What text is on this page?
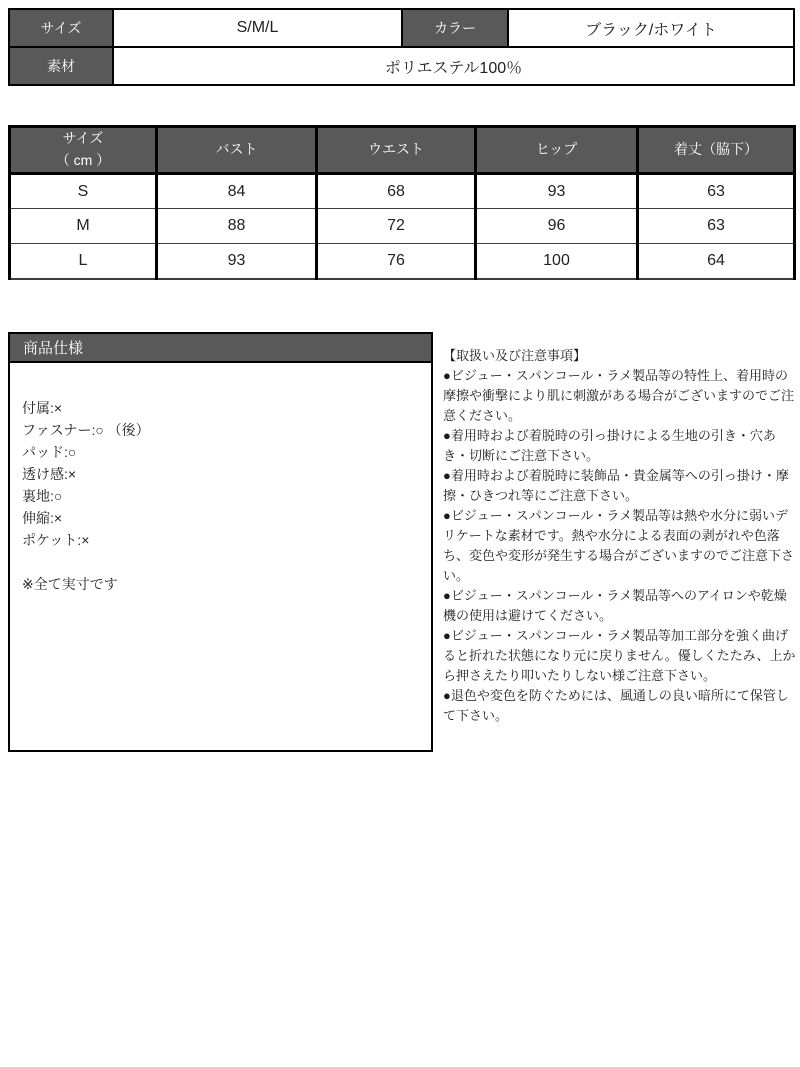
サイズ	S/M/L	カラー	ブラック/ホワイト
素材	ポリエステル100％		
サイズ
（ cm ）	バスト	ウエスト	ヒップ	着丈（脇下）
S	84	68	93	63
M	88	72	96	63
L	93	76	100	64
商品仕様
付属:×
ファスナー:○ （後）
パッド:○
透け感:×
裏地:○
伸縮:×
ポケット:×
※全て実寸です
【取扱い及び注意事項】
●ビジュー・スパンコール・ラメ製品等の特性上、着用時の摩擦や衝撃により肌に刺激がある場合がございますのでご注意ください。
●着用時および着脱時の引っ掛けによる生地の引き・穴あき・切断にご注意下さい。
●着用時および着脱時に装飾品・貴金属等への引っ掛け・摩擦・ひきつれ等にご注意下さい。
●ビジュー・スパンコール・ラメ製品等は熱や水分に弱いデリケートな素材です。熱や水分による表面の剥がれや色落ち、変色や変形が発生する場合がございますのでご注意下さい。
●ビジュー・スパンコール・ラメ製品等へのアイロンや乾燥機の使用は避けてください。
●ビジュー・スパンコール・ラメ製品等加工部分を強く曲げると折れた状態になり元に戻りません。優しくたたみ、上から押さえたり叩いたりしない様ご注意下さい。
●退色や変色を防ぐためには、風通しの良い暗所にて保管して下さい。
